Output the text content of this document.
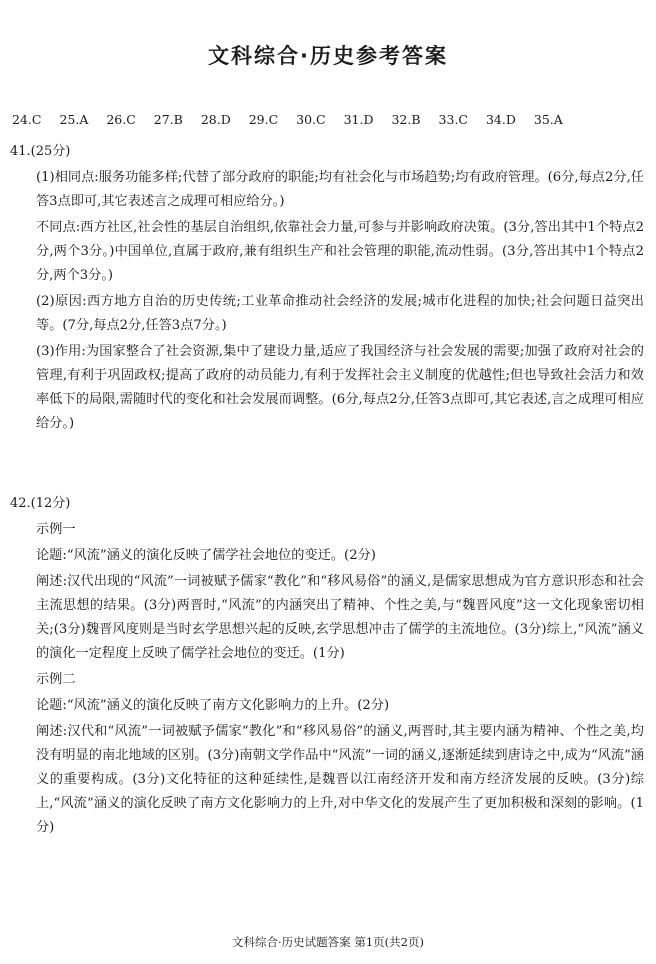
文科综合·历史参考答案
24.C 25.A 26.C 27.B 28.D 29.C 30.C 31.D 32.B 33.C 34.D 35.A
41.(25分)

(1)相同点:服务功能多样;代替了部分政府的职能;均有社会化与市场趋势;均有政府管理。(6分,每点2分,任答3点即可,其它表述言之成理可相应给分。)

不同点:西方社区,社会性的基层自治组织,依靠社会力量,可参与并影响政府决策。(3分,答出其中1个特点2分,两个3分。)中国单位,直属于政府,兼有组织生产和社会管理的职能,流动性弱。(3分,答出其中1个特点2分,两个3分。)

(2)原因:西方地方自治的历史传统;工业革命推动社会经济的发展;城市化进程的加快;社会问题日益突出等。(7分,每点2分,任答3点7分。)

(3)作用:为国家整合了社会资源,集中了建设力量,适应了我国经济与社会发展的需要;加强了政府对社会的管理,有利于巩固政权;提高了政府的动员能力,有利于发挥社会主义制度的优越性;但也导致社会活力和效率低下的局限,需随时代的变化和社会发展而调整。(6分,每点2分,任答3点即可,其它表述,言之成理可相应给分。)

42.(12分)

示例一

论题:“风流”涵义的演化反映了儒学社会地位的变迁。(2分)

阐述:汉代出现的“风流”一词被赋予儒家“教化”和“移风易俗”的涵义,是儒家思想成为官方意识形态和社会主流思想的结果。(3分)两晋时,“风流”的内涵突出了精神、个性之美,与“魏晋风度”这一文化现象密切相关;(3分)魏晋风度则是当时玄学思想兴起的反映,玄学思想冲击了儒学的主流地位。(3分)综上,“风流”涵义的演化一定程度上反映了儒学社会地位的变迁。(1分)

示例二

论题:“风流”涵义的演化反映了南方文化影响力的上升。(2分)

阐述:汉代和“风流”一词被赋予儒家“教化”和“移风易俗”的涵义,两晋时,其主要内涵为精神、个性之美,均没有明显的南北地域的区别。(3分)南朝文学作品中“风流”一词的涵义,逐渐延续到唐诗之中,成为“风流”涵义的重要构成。(3分)文化特征的这种延续性,是魏晋以江南经济开发和南方经济发展的反映。(3分)综上,“风流”涵义的演化反映了南方文化影响力的上升,对中华文化的发展产生了更加积极和深刻的影响。(1分)

文科综合·历史试题答案 第1页(共2页)
